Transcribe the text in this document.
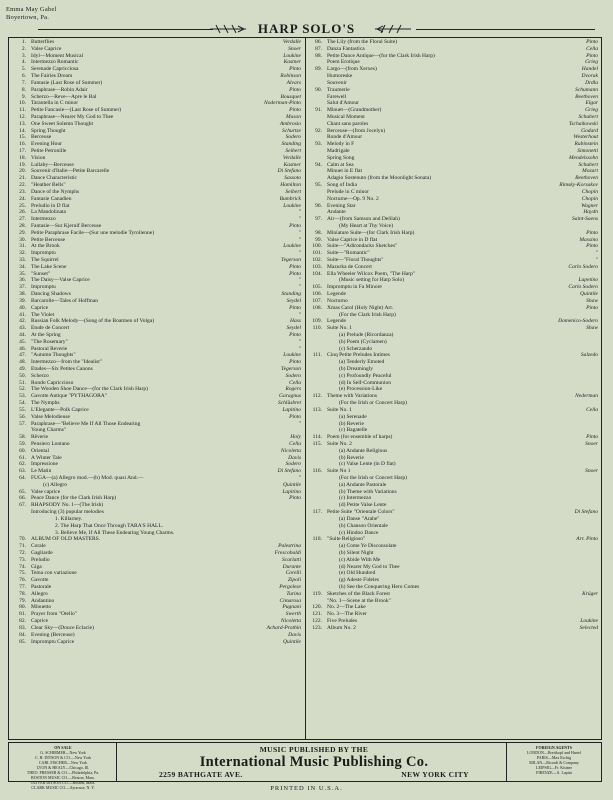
Emma May Gabel
Boyertown, Pa.
HARP SOLO'S
1. Butterflies	Verdalle
2. Valse Caprice	Snoer
3. Idyl—Moment Musical	Loukine
4. Intermezzo Romantic	Kastner
5. Serenade Capricciosa	Pinto
6. The Fairies Dream	Robinson
7. Fantasie (Last Rose of Summer)	Alvars
8. Paraphrase—Robin Adair	Pinto
9. Scherzo—Reve—Apre le Bal	Bousquet
10. Tarantella in C minor	Noderman-Pinto
11. Petite Fancasie—(Last Rose of Summer)	Pinto
12. Paraphrase—Nearer My God to Thee	Mason
13. One Sweet Solemn Thought	Ambrosio
14. Spring Thought	Schurtze
15. Berceuse	Sodero
16. Evening Hour	Standing
17. Petite Petronille	Seibert
18. Vision	Verdalle
19. Lullaby—Berceuse	Kastner
20. Souvenir d'Italie—Petite Barcarelle	Di Stefano
21. Dance Characteristic	Sassoto
22. "Heather Bells"	Hamilton
23. Dance of the Nymphs	Seibert
24. Fantasie Canadien	Bumbrick
25. Preludio in D flat	Loukine
26. La Mandolinata	"
27. Intermezzo	"
28. Fantasie—Sur Kjerulf Berceuse	Pinto
29. Petite Paraphrase Facile—(Sur une melodie Tyrolienne)	"
30. Petite Berceuse	"
31. At the Brook	Loukine
32. Impromptu	"
33. The Squirrel	Tegerson
34. The Lake Scene	Pinto
35. "Sunset"	Pinto
36. The Daisy—Valse Caprice	"
37. Impromptu	"
38. Dancing Shadows	Standing
39. Barcarolle—Tales of Hoffman	Seydel
40. Caprice	Pinto
41. The Violet	"
42. Russian Folk Melody—(Song of the Boatmen of Volga)	Hass
43. Etude de Concert	Seydel
44. At the Spring	Pinto
45. "The Rosemary"	"
46. Pastoral Reverie	"
47. "Autumn Thoughts"	Loukine
48. Intermezzo—from the "Idealist"	Pinto
49. Etudes—Six Petites Canons	Tegerson
50. Scherzo	Sodero
51. Rondo Capriccioso	Cella
52. The Wooden Shoe Dance—(for the Clark Irish Harp)	Rogers
53. Gavotte Antique "PYTHAGORA"	Garagnus
54. The Nymphs	Schlüsbret
55. L'Elegante—Polk Caprice	Lapitino
56. Valse Melodieuse	Pinto
57. Paraphrase—"Believe Me If All Those Endearing	"
Young Charms"
58. Rêverie	Holy
59. Pensiero Lontano	Cella
60. Oriental	Nicoletta
61. A Winter Tale	Davis
62. Impressione	Sodero
63. Le Matin	Di Stefano
64. FUGA—(a) Allegro mod.—(b) Mod. quasi And.—	"
(c) Allegro	Quintile
65. Valse caprice	Lapitino
66. Peace Dance (for the Clark Irish Harp)	Pinto
67. RHAPSODY No. 1—(The Irish)
Introducing (3) popular melodies
1. Killarney.
2. The Harp That Once Through TARA'S HALL.
3. Believe Me, If All These Endearing Young Charms.
70. ALBUM OF OLD MASTERS.
71. Corale	Palestrina
72. Gagliarde	Frescobaldi
73. Preludio	Scarlatti
74. Giga	Durante
75. Tema con variazione	Corelli
76. Gavotte	Zipoli
77. Pastorale	Pergolese
78. Allegro	Turina
79. Andantino	Cimarosa
80. Minuetto	Pugnani
81. Prayer from "Otello"	Swerth
82. Caprice	Nicoletta
83. Clear Sky—(Douce Eclacie)	Achard-Prothin
84. Evening (Berceuse)	Davis
85. Impromptu Caprice	Quintile
86. The Lily (from the Floral Suite)	Pinto
87. Danza Fantastica	Cella
88. Petite Dance Antique—(for the Clark Irish Harp)	Pinto
Poem Erotique	Grieg
89. Largo—(from Xerxes)	Handel
Humoreske	Dvorak
Souvenir	Drdla
90. Traumerie	Schumann
Farewell	Beethoven
Salut d'Amour	Elgar
91. Minuet—(Grandmother)	Grieg
Musical Moment	Schubert
Chant sans paroles	Tschaikowski
92. Berceuse—(from Jocelyn)	Godard
Ronde d'Amour	Westerhout
93. Melody in F	Rubinstein
Madrigale	Simonetti
Spring Song	Mendelssohn
94. Calm at Sea	Schubert
Minuet in E flat	Mozart
Adagio Sostenuto (from the Moonlight Sonata)	Beethoven
95. Song of India	Rimsky-Korsakov
Prelude in C minor	Chopin
Nocturne—Op. 9 No. 2	Chopin
96. Evening Star	Wagner
Andante	Haydn
97. Air—(from Samson and Delilah)	Saint-Saens
(My Heart at Thy Voice)
98. Miniature Suite—(for Clark Irish Harp)	Pinto
99. Valse Caprice in D flat	Massino
100. Suite—"Adirondacks Sketches"	Pinto
101. Suite—"Romantic"	"
102. Suite—"Floral Thoughts"	"
103. Mazurka de Concert	Carlo Sodero
104. Ella Wheeler Wilcox Poem, "The Harp"
(Music setting for Harp Solo)	Lapetino
105. Impromptu in Fa Minore	Carlo Sodero
106. Legende	Quintile
107. Nocturno	Shaw
108. Xmas Carol (Holy Night) Arr.	Pinto
(For the Clark Irish Harp)
109. Legende	Domenico-Sodero
110. Suite No. 1	Shaw
(a) Prelude (Ricordanza)
(b) Poem (Cyclamen)
(c) Scherzando
111. Cinq Petite Preludes Intimes	Salzedo
(a) Tenderly Emoted
(b) Dreamingly
(c) Profoundly Peaceful
(d) In Self-Communion
(e) Procession-Like
112. Theme with Variations	Nederman
(For the Irish or Concert Harp)
113. Suite No. 1	Cella
(a) Serenade
(b) Reverie
(c) Bagatelle
114. Poem (for ensemble of harps)	Pinto
115. Suite No. 2	Snoer
(a) Andante Religious
(b) Reverie
(c) Valse Lente (in D flat)
116. Suite No 1	Snoer
(For the Irish or Concert Harp)
(a) Andante Pastorale
(b) Theme with Variations
(c) Intermezzo
(d) Petite Valse Lente
117. Petite Suite "Orientale Colors"	Di Stefano
(a) Danse "Arabe"
(b) Chanson Orientale
(c) Hindoo Dance
118. "Suite Religioso"	Arr. Pinto
(a) Come Ye Disconsolate
(b) Silent Night
(c) Abide With Me
(d) Nearer My God to Thee
(e) Old Hundred
(g) Adeste Fideles
(h) See the Conquering Hero Comes
119. Sketches of the Black Forest	Krüger
"No. 1—Scene at the Brook"
120. No. 2—The Lake
121. No. 3—The River
122. Five Preludes	Loukine
123. Album No. 2	Selected
ON SALE
G. SCHIRMER—New York
C. H. DITSON & CO.—New York
CARL FISCHER—New York
LYON & HEALY—Chicago, Ill.
THEO. PRESSER & CO.—Philadelphia, Pa.
BOSTON MUSIC CO.—Boston, Mass.
OLIVER DITSON CO.—Boston, Mass.
CLARK MUSIC CO.—Syracuse, N. Y.
MUSIC PUBLISHED BY THE
International Music Publishing Co.
2259 BATHGATE AVE.	NEW YORK CITY
FOREIGN AGENTS
LONDON—Breitkopf and Hartel
PARIS—Max Eschig
MILAN—Ricordi & Company
LEIPSIG—Fr. Kistner
FIRENZE—A. Lapini
PRINTED IN U.S.A.
